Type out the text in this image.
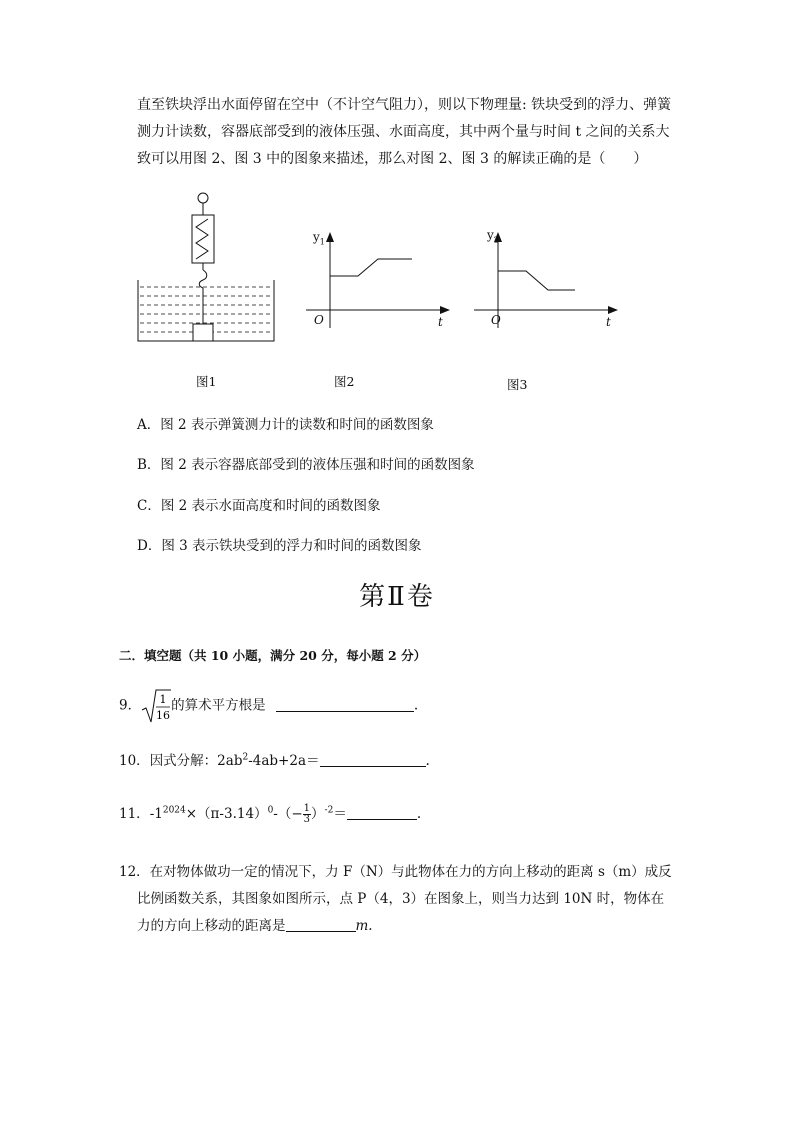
直至铁块浮出水面停留在空中（不计空气阻力），则以下物理量: 铁块受到的浮力、弹簧
测力计读数，容器底部受到的液体压强、水面高度，其中两个量与时间 t 之间的关系大
致可以用图 2、图 3 中的图象来描述，那么对图 2、图 3 的解读正确的是（　　）
$y_1$
O	t
$y_2$
O	t
图1	图2	图3
A．图 2 表示弹簧测力计的读数和时间的函数图象
B．图 2 表示容器底部受到的液体压强和时间的函数图象
C．图 2 表示水面高度和时间的函数图象
D．图 3 表示铁块受到的浮力和时间的函数图象
第Ⅱ卷
二．填空题（共 10 小题，满分 20 分，每小题 2 分）
9． 1
16
的算术平方根是	.
10．因式分解：$2ab^2-4ab+2a=$	.
11．$-1^{2024}\times(\pi-3.14)^0-(- \frac{1}{3} )^{-2}=$	.
12．在对物体做功一定的情况下，力 F（N）与此物体在力的方向上移动的距离 s（m）成反
比例函数关系，其图象如图所示，点 P（4，3）在图象上，则当力达到 10N 时，物体在
力的方向上移动的距离是	m.
